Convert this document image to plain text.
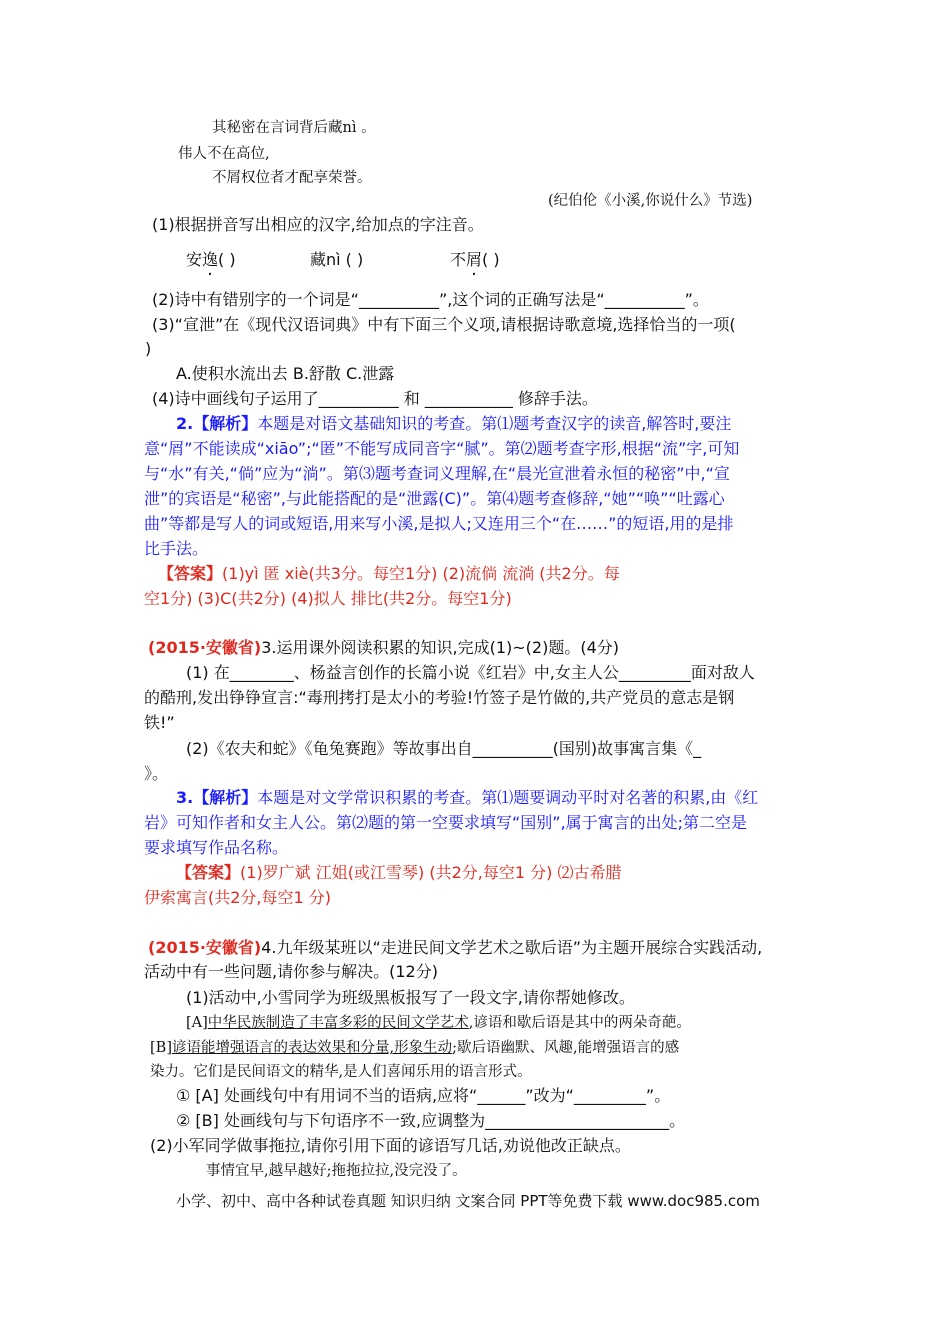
其秘密在言词背后藏nì 。
伟人不在高位,
不屑权位者才配享荣誉。
(纪伯伦《小溪,你说什么》节选)
(1)根据拼音写出相应的汉字,给加点的字注音。
安逸( )	藏nì ( )	不屑( )
(2)诗中有错别字的一个词是“__________”,这个词的正确写法是“__________”。
(3)“宣泄”在《现代汉语词典》中有下面三个义项,请根据诗歌意境,选择恰当的一项(
)
A.使积水流出去 B.舒散 C.泄露
(4)诗中画线句子运用了__________ 和 ___________ 修辞手法。
2.【解析】本题是对语文基础知识的考查。第⑴题考查汉字的读音,解答时,要注
意“屑”不能读成“xiāo”;“匿”不能写成同音字“腻”。第⑵题考查字形,根据“流”字,可知
与“水”有关,“倘”应为“淌”。第⑶题考查词义理解,在“晨光宣泄着永恒的秘密”中,“宣
泄”的宾语是“秘密”,与此能搭配的是“泄露(C)”。第⑷题考查修辞,“她”“唤”“吐露心
曲”等都是写人的词或短语,用来写小溪,是拟人;又连用三个“在……”的短语,用的是排
比手法。
【答案】(1)yì 匿 xiè(共3分。每空1分) (2)流倘 流淌 (共2分。每
空1分) (3)C(共2分) (4)拟人 排比(共2分。每空1分)
(2015·安徽省)3.运用课外阅读积累的知识,完成(1)~(2)题。(4分)
(1) 在________、杨益言创作的长篇小说《红岩》中,女主人公_________面对敌人
的酷刑,发出铮铮宣言:“毒刑拷打是太小的考验!竹签子是竹做的,共产党员的意志是钢
铁!”
(2)《农夫和蛇》《龟兔赛跑》等故事出自__________(国别)故事寓言集《_
》。
3.【解析】本题是对文学常识积累的考查。第⑴题要调动平时对名著的积累,由《红
岩》可知作者和女主人公。第⑵题的第一空要求填写“国别”,属于寓言的出处;第二空是
要求填写作品名称。
【答案】(1)罗广斌 江姐(或江雪琴) (共2分,每空1 分) ⑵古希腊
伊索寓言(共2分,每空1 分)
(2015·安徽省)4.九年级某班以“走进民间文学艺术之歇后语”为主题开展综合实践活动,
活动中有一些问题,请你参与解决。(12分)
(1)活动中,小雪同学为班级黑板报写了一段文字,请你帮她修改。
[A]中华民族制造了丰富多彩的民间文学艺术,谚语和歇后语是其中的两朵奇葩。
[B]谚语能增强语言的表达效果和分量,形象生动;歇后语幽默、风趣,能增强语言的感
染力。它们是民间语文的精华,是人们喜闻乐用的语言形式。
① [A] 处画线句中有用词不当的语病,应将“______”改为“_________”。
② [B] 处画线句与下句语序不一致,应调整为_______________________。
(2)小军同学做事拖拉,请你引用下面的谚语写几话,劝说他改正缺点。
事情宜早,越早越好;拖拖拉拉,没完没了。
小学、初中、高中各种试卷真题 知识归纳 文案合同 PPT等免费下载 www.doc985.com
